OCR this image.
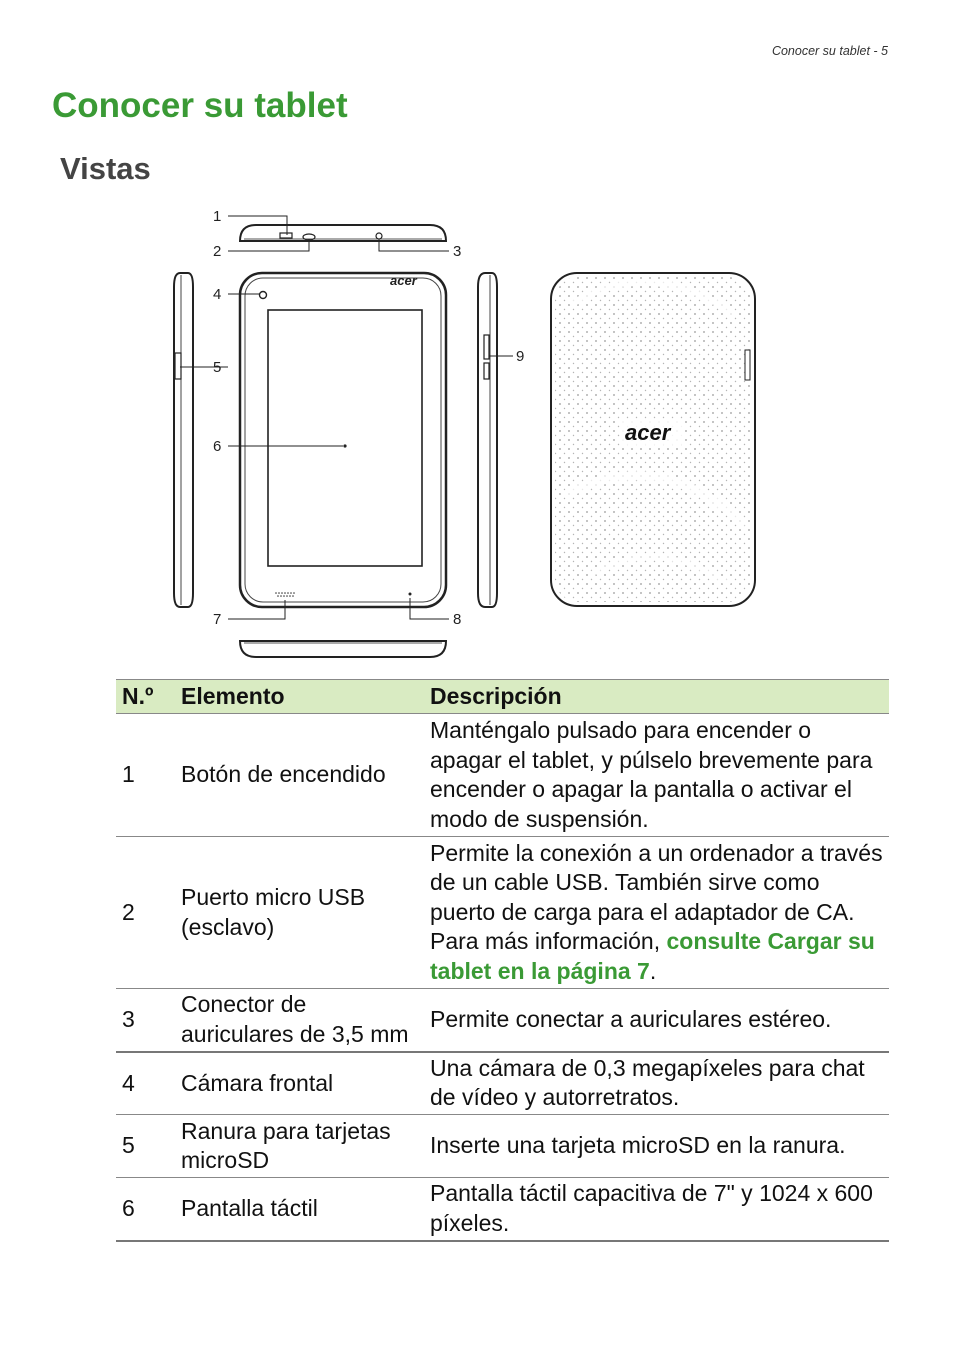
Conocer su tablet - 5
Conocer su tablet
Vistas
acer
acer
1
2	3
4
5
6
7	8
9
N.º	Elemento	Descripción
1	Botón de encendido	Manténgalo pulsado para encender o apagar el tablet, y púlselo brevemente para encender o apagar la pantalla o activar el modo de suspensión.
2	Puerto micro USB (esclavo)	Permite la conexión a un ordenador a través de un cable USB. También sirve como puerto de carga para el adaptador de CA. Para más información, consulte Cargar su tablet en la página 7.
3	Conector de auriculares de 3,5 mm	Permite conectar a auriculares estéreo.
4	Cámara frontal	Una cámara de 0,3 megapíxeles para chat de vídeo y autorretratos.
5	Ranura para tarjetas microSD	Inserte una tarjeta microSD en la ranura.
6	Pantalla táctil	Pantalla táctil capacitiva de 7" y 1024 x 600 píxeles.
